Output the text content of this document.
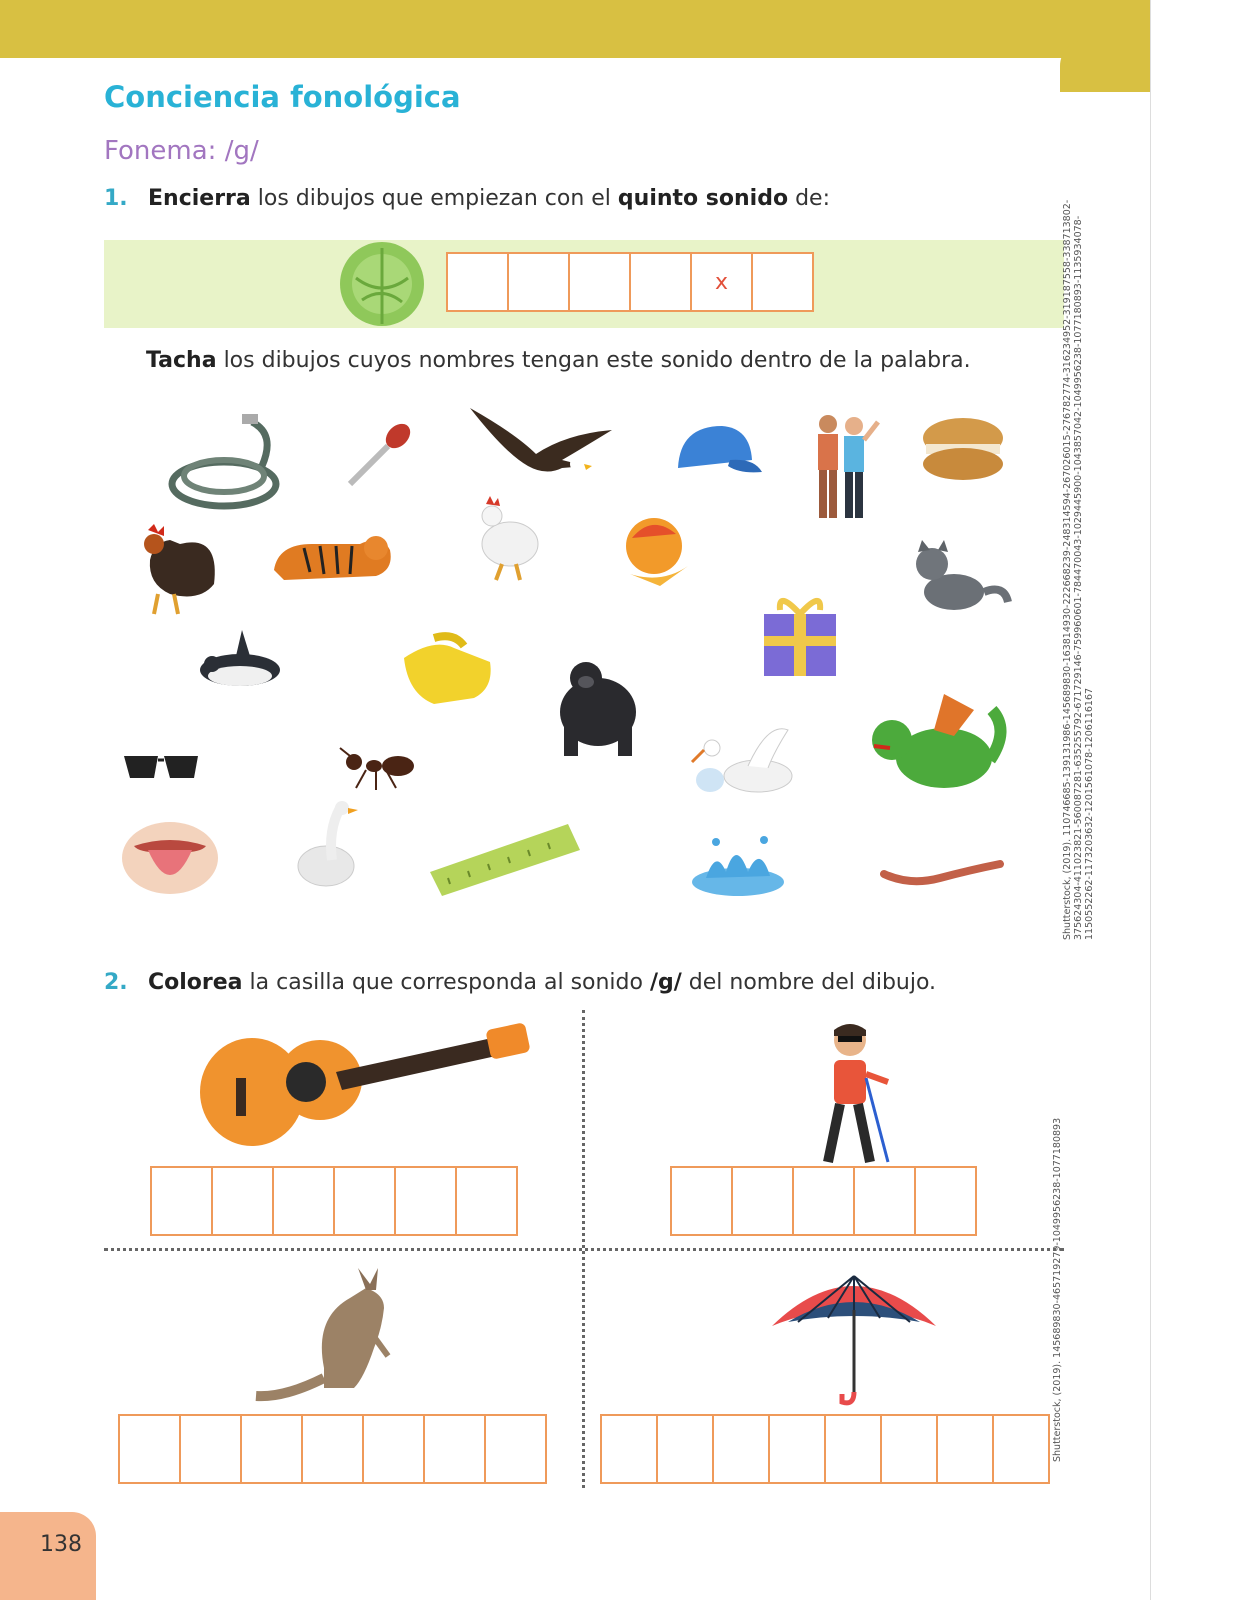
Conciencia fonológica
Fonema: /g/
1. Encierra los dibujos que empiezan con el quinto sonido de:
x
Tacha los dibujos cuyos nombres tengan este sonido dentro de la palabra.	Shutterstock, (2019). 110746685-139131986-145689830-163814930-222668239-248314594-267026015-276782774-316234952-319187558-338713802- 375624304-411023821-560087281-635255792-671729146-759960601-784470043-1029445900-1043857042-1049956238-1077180893-1135934078- 1150552262-1173203632-1201561078-1206116167
Shutterstock, (2019). 145689830-465719279-1049956238-1077180893
2. Colorea la casilla que corresponda al sonido /g/ del nombre del dibujo.
138
